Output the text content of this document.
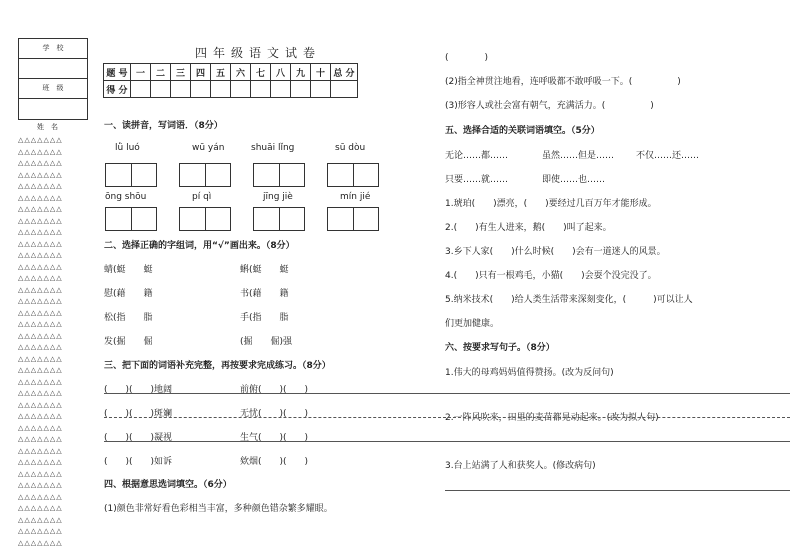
学　校
班　级
姓　名
△△△△△△△
△△△△△△△
△△△△△△△
△△△△△△△
△△△△△△△
△△△△△△△
△△△△△△△
△△△△△△△
△△△△△△△
△△△△△△△
△△△△△△△
△△△△△△△
△△△△△△△
△△△△△△△
△△△△△△△
△△△△△△△
△△△△△△△
△△△△△△△
△△△△△△△
△△△△△△△
△△△△△△△
△△△△△△△
△△△△△△△
△△△△△△△
△△△△△△△
△△△△△△△
△△△△△△△
△△△△△△△
△△△△△△△
△△△△△△△
△△△△△△△
△△△△△△△
△△△△△△△
△△△△△△△
△△△△△△△
△△△△△△△

四年级语文试卷
题 号	一	二	三	四	五	六	七	八	九	十	总 分
得 分											
一、读拼音，写词语．（8分）
lǜ luó	wū yán	shuāi lǐng	sū dòu
ōng shōu	pí qì	jīng jiè	mín jié
二、选择正确的字组词，用“√”画出来。（8分）
蜻(蜓　　蜓	蝌(蜓　　蜓
慰(藉　　籍	书(藉　　籍
松(指　　脂	手(指　　脂
发(掘　　倔	(掘　　倔)强
三、把下面的词语补充完整，再按要求完成练习。（8分）
(　　)(　　)地阔	前俯(　　)(　　)
(　　)(　　)斑斓	无忧(　　)(　　)
(　　)(　　)凝视	生气(　　)(　　)
(　　)(　　)如诉	欸烟(　　)(　　)
四、根据意思选词填空。（6分）
(1)颜色非常好看色彩相当丰富，多种颜色错杂繁多耀眼。
(　　　　)
(2)指全神贯注地看，连呼吸都不敢呼吸一下。(　　　　　)
(3)形容人或社会富有朝气，充满活力。(　　　　　)
五、选择合适的关联词语填空。（5分）
无论……都……	虽然……但是…… 不仅……还……
只要……就……	即使……也……
1.琥珀(　　)漂亮，(　　)要经过几百万年才能形成。
2.(　　)有生人进来，鹅(　　)叫了起来。
3.乡下人家(　　)什么时候(　　)会有一道迷人的风景。
4.(　　)只有一根鸡毛，小猫(　　)会耍个没完没了。
5.纳米技术(　　)给人类生活带来深刻变化，(　　　)可以让人
们更加健康。
六、按要求写句子。（8分）
1.伟大的母鸡妈妈值得赞扬。(改为反问句)
2.一阵风吹来，田里的麦苗都晃动起来。(改为拟人句)
3.台上站满了人和获奖人。(修改病句)
